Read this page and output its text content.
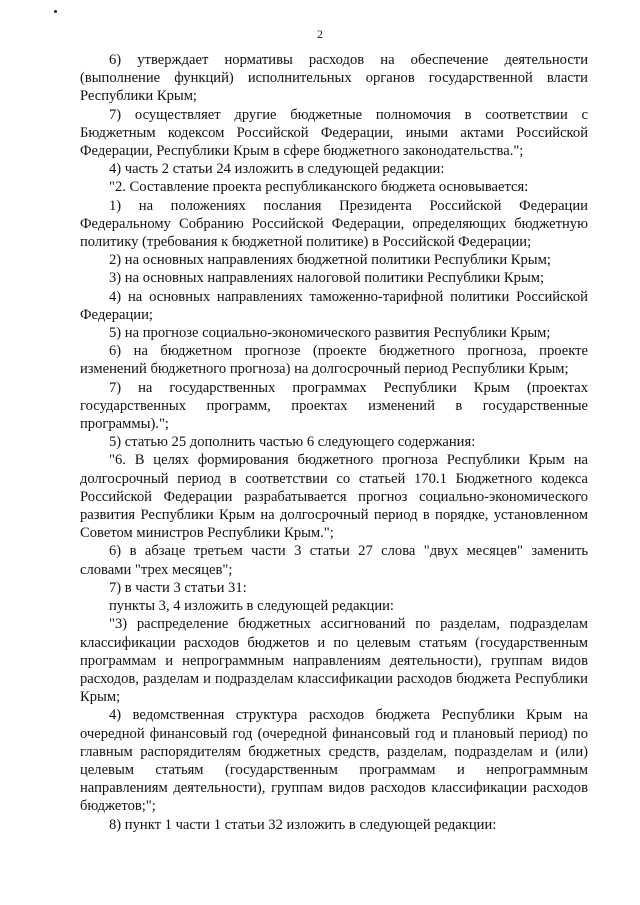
2

6) утверждает нормативы расходов на обеспечение деятельности (выполнение функций) исполнительных органов государственной власти Республики Крым;

7) осуществляет другие бюджетные полномочия в соответствии с Бюджетным кодексом Российской Федерации, иными актами Российской Федерации, Республики Крым в сфере бюджетного законодательства.";

4) часть 2 статьи 24 изложить в следующей редакции:

"2. Составление проекта республиканского бюджета основывается:

1) на положениях послания Президента Российской Федерации Федеральному Собранию Российской Федерации, определяющих бюджетную политику (требования к бюджетной политике) в Российской Федерации;

2) на основных направлениях бюджетной политики Республики Крым;

3) на основных направлениях налоговой политики Республики Крым;

4) на основных направлениях таможенно-тарифной политики Российской Федерации;

5) на прогнозе социально-экономического развития Республики Крым;

6) на бюджетном прогнозе (проекте бюджетного прогноза, проекте изменений бюджетного прогноза) на долгосрочный период Республики Крым;

7) на государственных программах Республики Крым (проектах государственных программ, проектах изменений в государственные программы).";

5) статью 25 дополнить частью 6 следующего содержания:

"6. В целях формирования бюджетного прогноза Республики Крым на долгосрочный период в соответствии со статьей 170.1 Бюджетного кодекса Российской Федерации разрабатывается прогноз социально-экономического развития Республики Крым на долгосрочный период в порядке, установленном Советом министров Республики Крым.";

6) в абзаце третьем части 3 статьи 27 слова "двух месяцев" заменить словами "трех месяцев";

7) в части 3 статьи 31:

пункты 3, 4 изложить в следующей редакции:

"3) распределение бюджетных ассигнований по разделам, подразделам классификации расходов бюджетов и по целевым статьям (государственным программам и непрограммным направлениям деятельности), группам видов расходов, разделам и подразделам классификации расходов бюджета Республики Крым;

4) ведомственная структура расходов бюджета Республики Крым на очередной финансовый год (очередной финансовый год и плановый период) по главным распорядителям бюджетных средств, разделам, подразделам и (или) целевым статьям (государственным программам и непрограммным направлениям деятельности), группам видов расходов классификации расходов бюджетов;";

8) пункт 1 части 1 статьи 32 изложить в следующей редакции:
